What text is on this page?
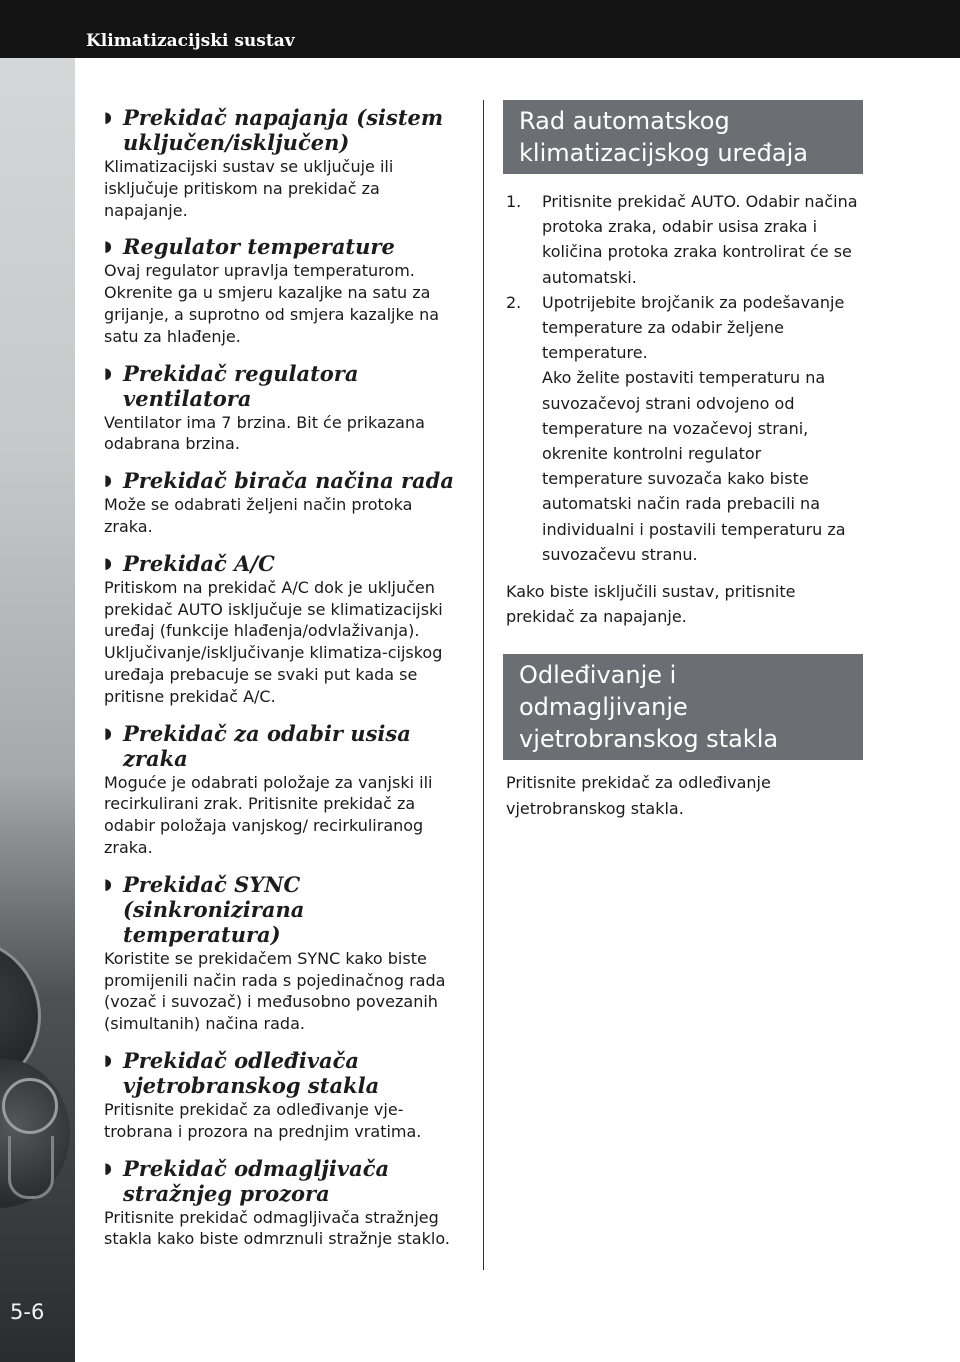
Klimatizacijski sustav
5-6
◗
Prekidač napajanja (sistem uključen/isključen)
Klimatizacijski sustav se uključuje ili isključuje pritiskom na prekidač za napajanje.
◗
Regulator temperature
Ovaj regulator upravlja temperaturom. Okrenite ga u smjeru kazaljke na satu za grijanje, a suprotno od smjera kazaljke na satu za hlađenje.
◗
Prekidač regulatora ventilatora
Ventilator ima 7 brzina. Bit će prikazana odabrana brzina.
◗
Prekidač birača načina rada
Može se odabrati željeni način protoka zraka.
◗
Prekidač A/C
Pritiskom na prekidač A/C dok je uključen prekidač AUTO isključuje se klimatizacijski uređaj (funkcije hlađenja/odvlaživanja). Uključivanje/isključivanje klimatiza-cijskog uređaja prebacuje se svaki put kada se pritisne prekidač A/C.
◗
Prekidač za odabir usisa zraka
Moguće je odabrati položaje za vanjski ili recirkulirani zrak. Pritisnite prekidač za odabir položaja vanjskog/ recirkuliranog zraka.
◗
Prekidač SYNC (sinkronizirana temperatura)
Koristite se prekidačem SYNC kako biste promijenili način rada s pojedinačnog rada (vozač i suvozač) i međusobno povezanih (simultanih) načina rada.
◗
Prekidač odleđivača vjetrobranskog stakla
Pritisnite prekidač za odleđivanje vje-trobrana i prozora na prednjim vratima.
◗
Prekidač odmagljivača stražnjeg prozora
Pritisnite prekidač odmagljivača stražnjeg stakla kako biste odmrznuli stražnje staklo.
Rad automatskog klimatizacijskog uređaja
1.	Pritisnite prekidač AUTO. Odabir načina protoka zraka, odabir usisa zraka i količina protoka zraka kontrolirat će se automatski.
2.	Upotrijebite brojčanik za podešavanje temperature za odabir željene temperature.
Ako želite postaviti temperaturu na suvozačevoj strani odvojeno od temperature na vozačevoj strani, okrenite kontrolni regulator temperature suvozača kako biste automatski način rada prebacili na individualni i postavili temperaturu za suvozačevu stranu.

Kako biste isključili sustav, pritisnite prekidač za napajanje.

Odleđivanje i odmagljivanje vjetrobranskog stakla

Pritisnite prekidač za odleđivanje vjetrobranskog stakla.
